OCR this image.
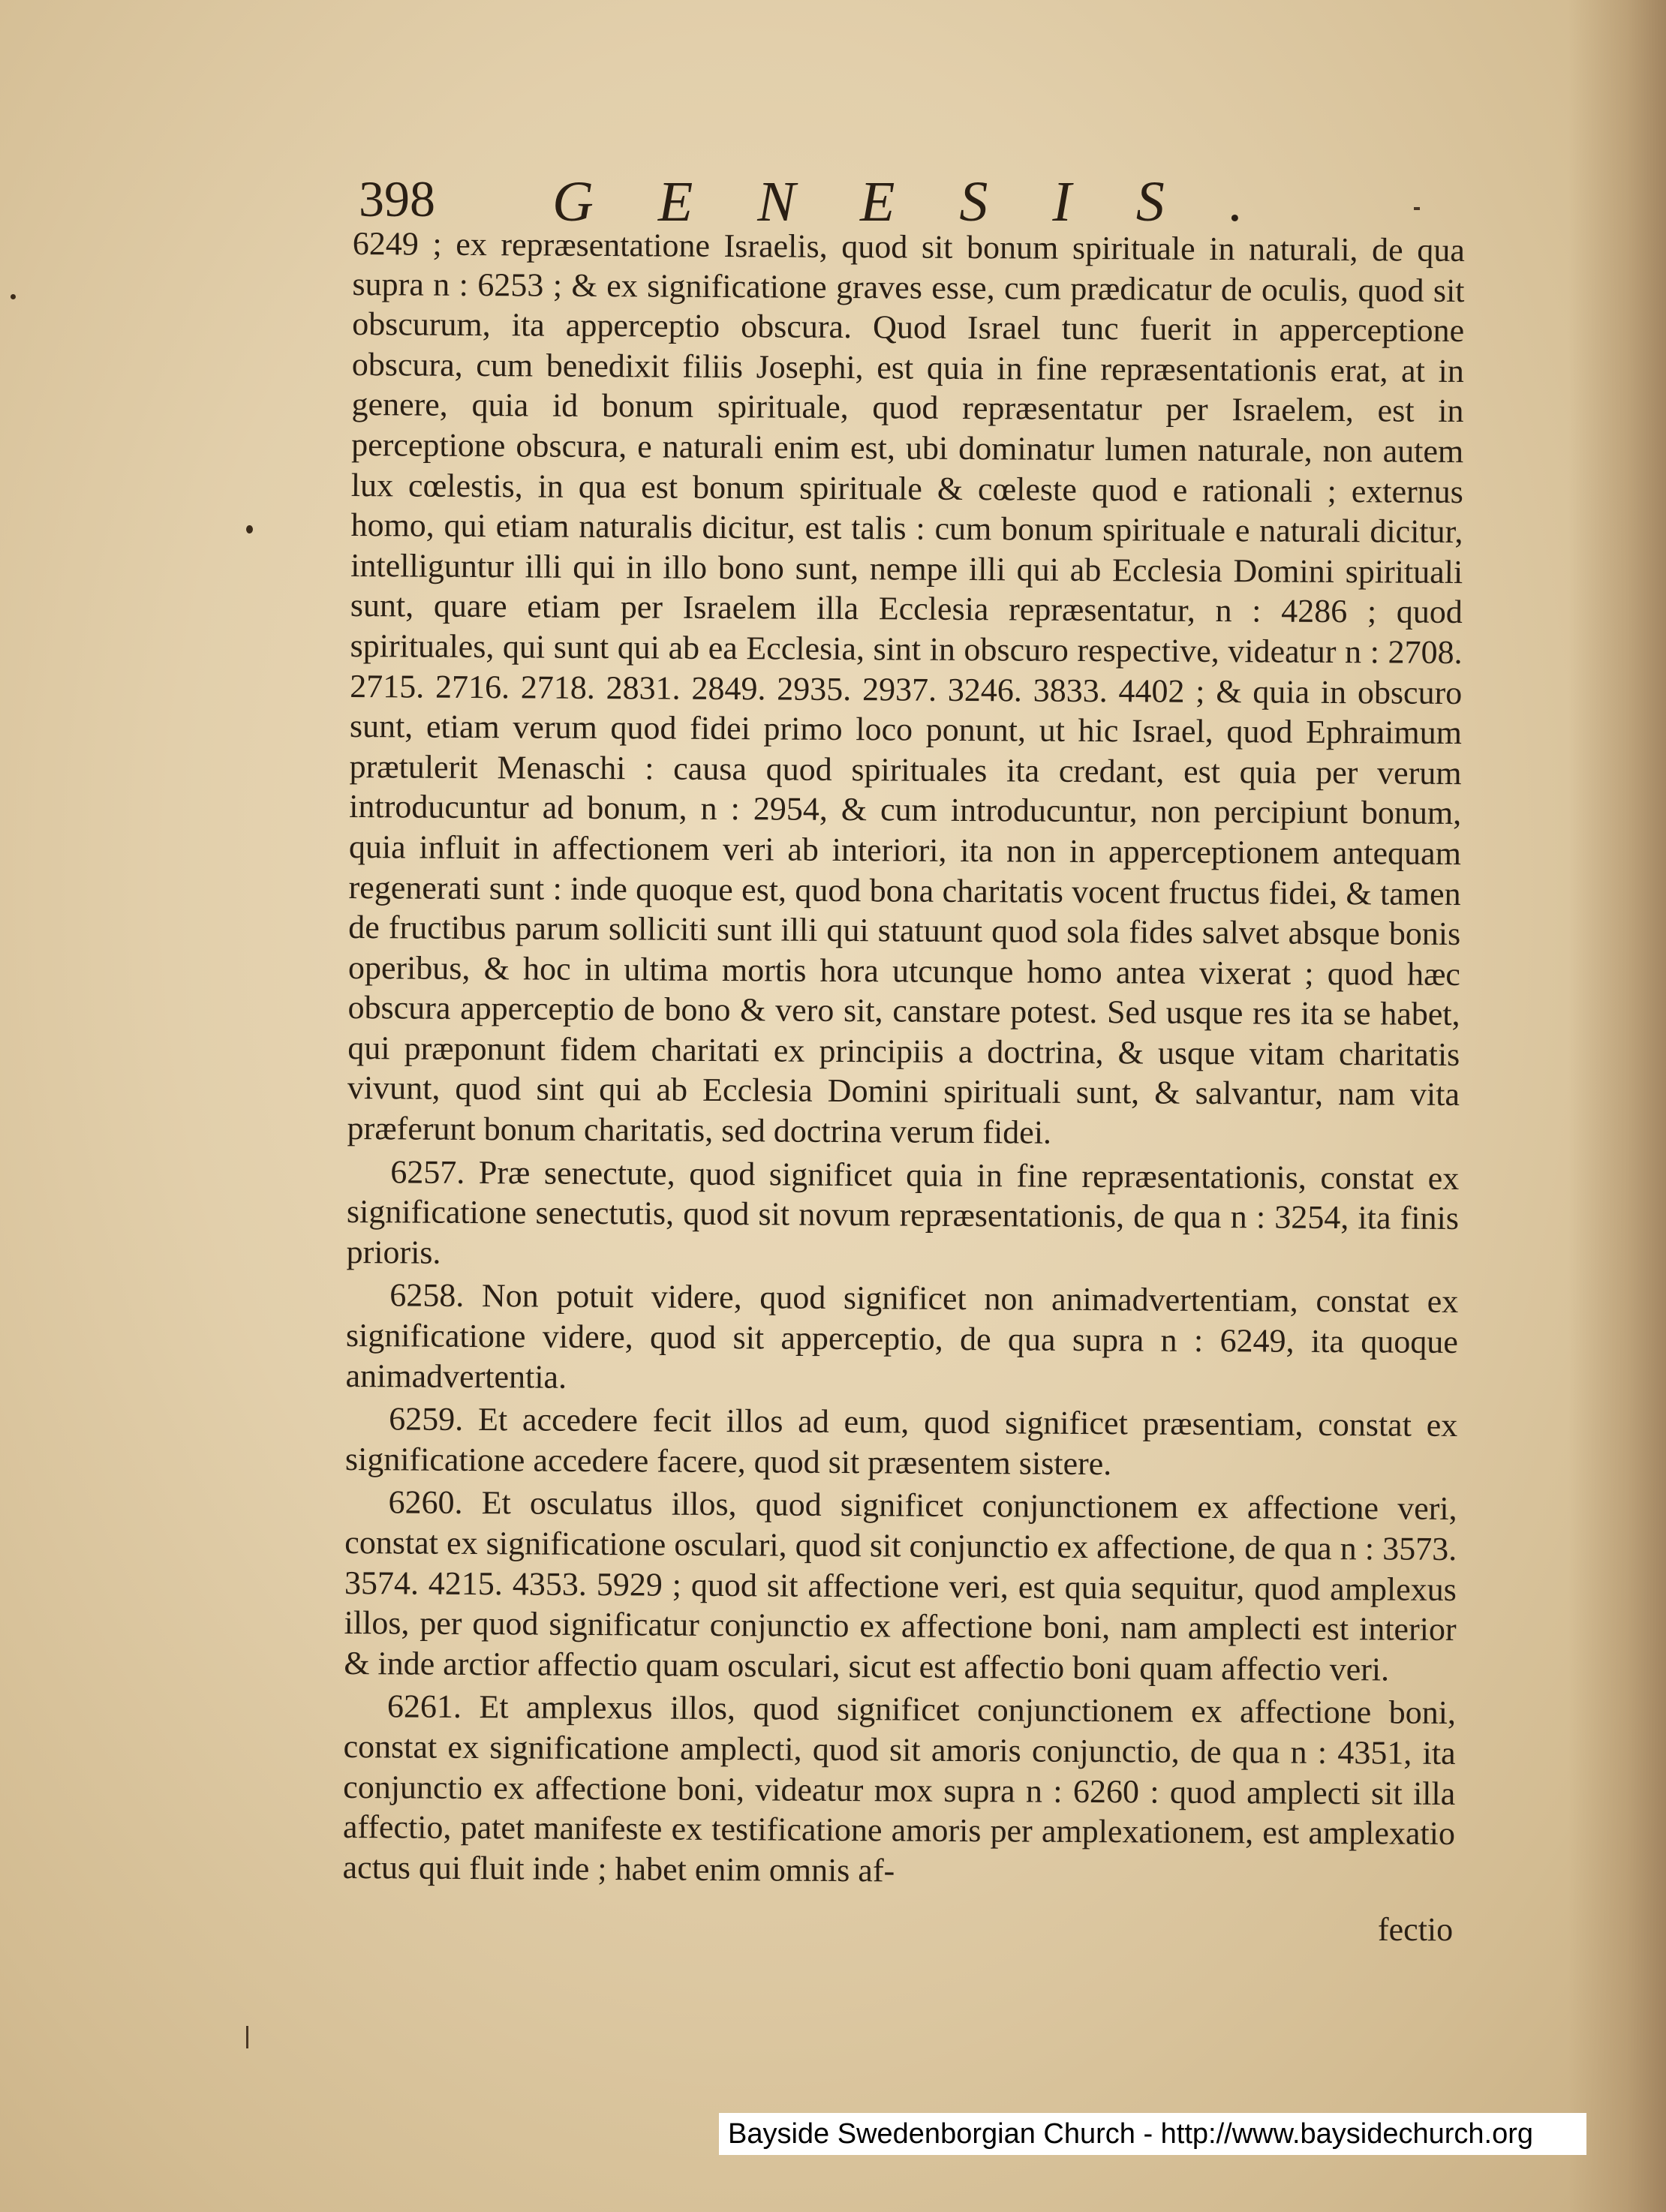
398 GENESIS.

6249 ; ex repræsentatione Israelis, quod sit bonum spirituale in naturali, de qua supra n : 6253 ; & ex significatione graves esse, cum prædicatur de oculis, quod sit obscurum, ita apperceptio obscura. Quod Israel tunc fuerit in apperceptione obscura, cum benedixit filiis Josephi, est quia in fine repræsentationis erat, at in genere, quia id bonum spirituale, quod repræsentatur per Israelem, est in perceptione obscura, e naturali enim est, ubi dominatur lumen naturale, non autem lux cœlestis, in qua est bonum spirituale & cœleste quod e rationali ; externus homo, qui etiam naturalis dicitur, est talis : cum bonum spirituale e naturali dicitur, intelliguntur illi qui in illo bono sunt, nempe illi qui ab Ecclesia Domini spirituali sunt, quare etiam per Israelem illa Ecclesia repræsentatur, n : 4286 ; quod spirituales, qui sunt qui ab ea Ecclesia, sint in obscuro respective, videatur n : 2708. 2715. 2716. 2718. 2831. 2849. 2935. 2937. 3246. 3833. 4402 ; & quia in obscuro sunt, etiam verum quod fidei primo loco ponunt, ut hic Israel, quod Ephraimum prætulerit Menaschi : causa quod spirituales ita credant, est quia per verum introducuntur ad bonum, n : 2954, & cum introducuntur, non percipiunt bonum, quia influit in affectionem veri ab interiori, ita non in apperceptionem antequam regenerati sunt : inde quoque est, quod bona charitatis vocent fructus fidei, & tamen de fructibus parum solliciti sunt illi qui statuunt quod sola fides salvet absque bonis operibus, & hoc in ultima mortis hora utcunque homo antea vixerat ; quod hæc obscura apperceptio de bono & vero sit, canstare potest. Sed usque res ita se habet, qui præponunt fidem charitati ex principiis a doctrina, & usque vitam charitatis vivunt, quod sint qui ab Ecclesia Domini spirituali sunt, & salvantur, nam vita præferunt bonum charitatis, sed doctrina verum fidei.

6257. Præ senectute, quod significet quia in fine repræsentationis, constat ex significatione senectutis, quod sit novum repræsentationis, de qua n : 3254, ita finis prioris.

6258. Non potuit videre, quod significet non animadvertentiam, constat ex significatione videre, quod sit apperceptio, de qua supra n : 6249, ita quoque animadvertentia.

6259. Et accedere fecit illos ad eum, quod significet præsentiam, constat ex significatione accedere facere, quod sit præsentem sistere.

6260. Et osculatus illos, quod significet conjunctionem ex affectione veri, constat ex significatione osculari, quod sit conjunctio ex affectione, de qua n : 3573. 3574. 4215. 4353. 5929 ; quod sit affectione veri, est quia sequitur, quod amplexus illos, per quod significatur conjunctio ex affectione boni, nam amplecti est interior & inde arctior affectio quam osculari, sicut est affectio boni quam affectio veri.

6261. Et amplexus illos, quod significet conjunctionem ex affectione boni, constat ex significatione amplecti, quod sit amoris conjunctio, de qua n : 4351, ita conjunctio ex affectione boni, videatur mox supra n : 6260 : quod amplecti sit illa affectio, patet manifeste ex testificatione amoris per amplexationem, est amplexatio actus qui fluit inde ; habet enim omnis af-

fectio
Bayside Swedenborgian Church - http://www.baysidechurch.org
